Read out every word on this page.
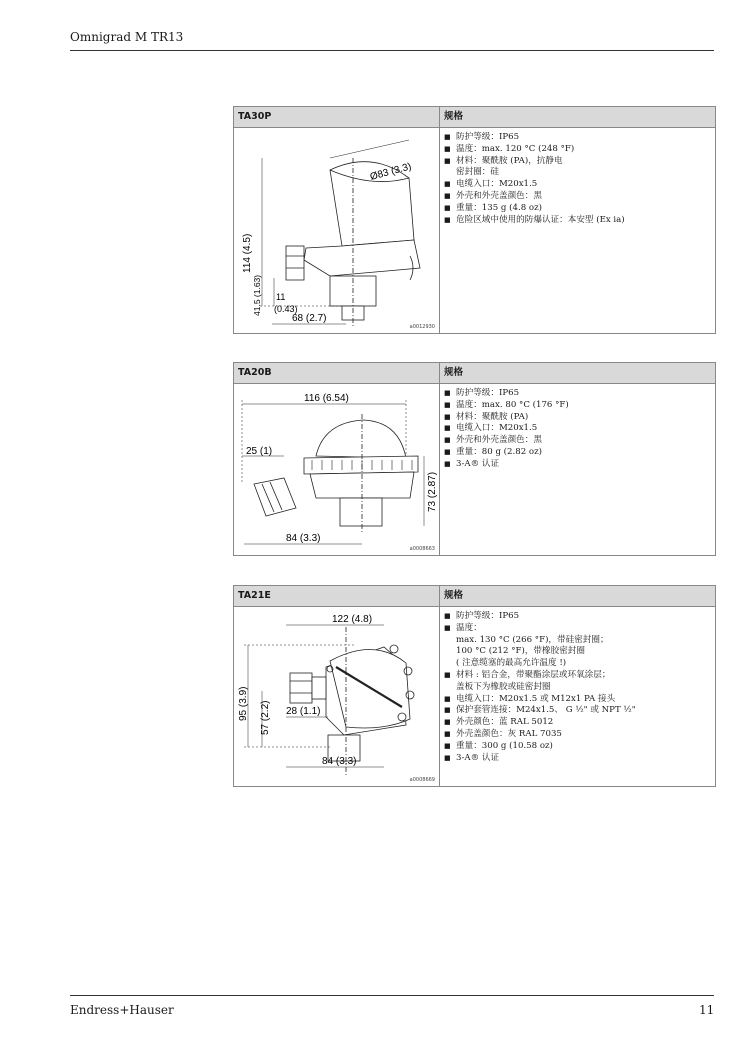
Omnigrad M TR13
TA30P	规格
Ø83 (3.3)
114 (4.5)
41.5 (1.63) 11
(0.43)
68 (2.7)
a0012930
■ 防护等级：IP65
■ 温度：max. 120 °C (248 °F)
■ 材料：聚酰胺 (PA)，抗静电
密封圈：硅
■ 电缆入口：M20x1.5
■ 外壳和外壳盖颜色：黑
■ 重量：135 g (4.8 oz)
■ 危险区域中使用的防爆认证：本安型 (Ex ia)
TA20B	规格
116 (6.54)
25 (1)
73 (2.87)
84 (3.3)
a0008663
■ 防护等级：IP65
■ 温度：max. 80 °C (176 °F)
■ 材料：聚酰胺 (PA)
■ 电缆入口：M20x1.5
■ 外壳和外壳盖颜色：黑
■ 重量：80 g (2.82 oz)
■ 3-A® 认证
TA21E	规格
122 (4.8)
95 (3.9) 57 (2.2) 28 (1.1)
84 (3.3)
a0008669
■ 防护等级：IP65
■ 温度：
max. 130 °C (266 °F)，带硅密封圈；
100 °C (212 °F)，带橡胶密封圈
( 注意缆塞的最高允许温度 !)
■ 材料 : 铝合金，带聚酯涂层或环氧涂层；
盖板下为橡胶或硅密封圈
■ 电缆入口：M20x1.5 或 M12x1 PA 接头
■ 保护套管连接：M24x1.5、 G ½" 或 NPT ½"
■ 外壳颜色：蓝 RAL 5012
■ 外壳盖颜色：灰 RAL 7035
■ 重量：300 g (10.58 oz)
■ 3-A® 认证
Endress+Hauser	11
